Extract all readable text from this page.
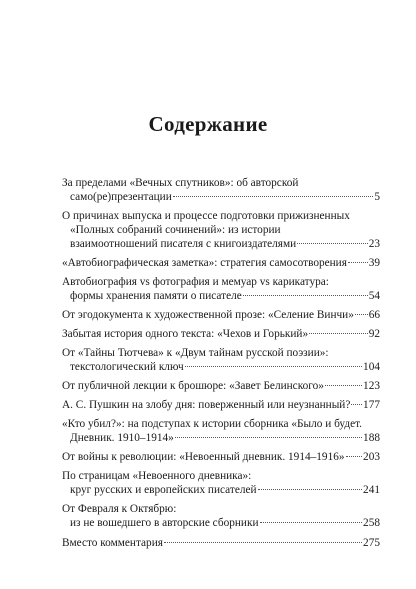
Содержание
За пределами «Вечных спутников»: об авторской
само(ре)презентации	5
О причинах выпуска и процессе подготовки прижизненных
«Полных собраний сочинений»: из истории
взаимоотношений писателя с книгоиздателями	23
«Автобиографическая заметка»: стратегия самосотворения 39
Автобиография vs фотография и мемуар vs карикатура:
формы хранения памяти о писателе	54
От эгодокумента к художественной прозе: «Селение Винчи» 66
Забытая история одного текста: «Чехов и Горький»	92
От «Тайны Тютчева» к «Двум тайнам русской поэзии»:
текстологический ключ	104
От публичной лекции к брошюре: «Завет Белинского»	123
А. С. Пушкин на злобу дня: поверженный или неузнанный? 177
«Кто убил?»: на подступах к истории сборника «Было и будет.
Дневник. 1910–1914»	188
От войны к революции: «Невоенный дневник. 1914–1916» 203
По страницам «Невоенного дневника»:
круг русских и европейских писателей	241
От Февраля к Октябрю:
из не вошедшего в авторские сборники	258
Вместо комментария	275
